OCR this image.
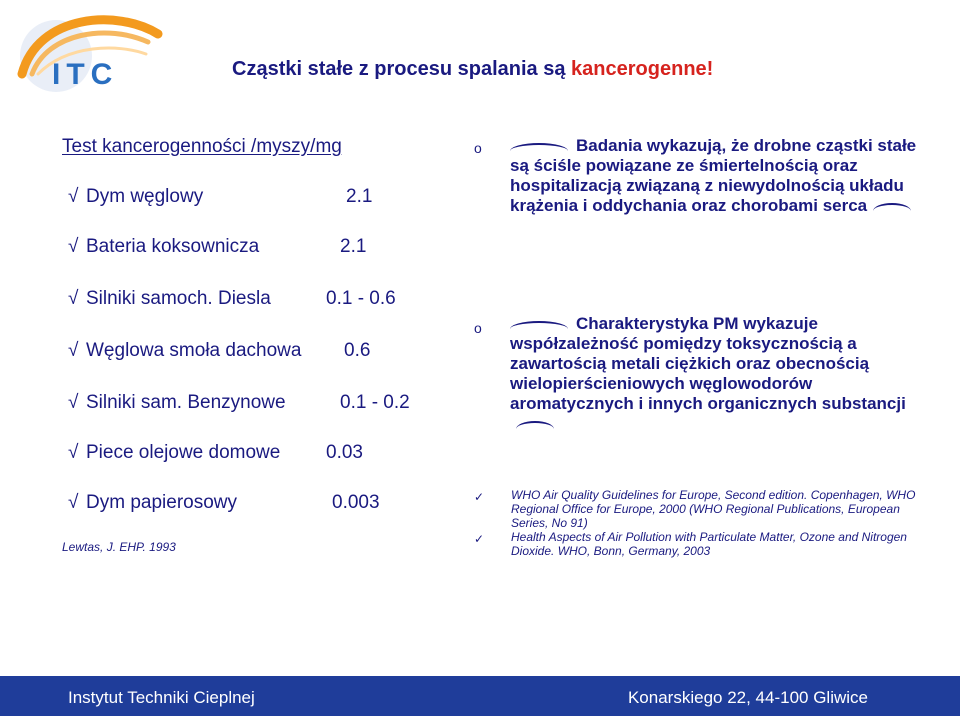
ITC	Cząstki stałe z procesu spalania są kancerogenne!
Test kancerogenności /myszy/mg
√ Dym węglowy	2.1
√ Bateria koksownicza	2.1
√ Silniki samoch. Diesla	0.1 - 0.6
√ Węglowa smoła dachowa 0.6
√ Silniki sam. Benzynowe	0.1 - 0.2
√ Piece olejowe domowe 0.03
√ Dym papierosowy	0.003
Lewtas, J. EHP. 1993
o	Badania wykazują, że drobne cząstki stałe są ściśle powiązane ze śmiertelnością oraz hospitalizacją związaną z niewydolnością układu krążenia i oddychania oraz chorobami serca
o	Charakterystyka PM wykazuje współzależność pomiędzy toksycznością a zawartością metali ciężkich oraz obecnością wielopierścieniowych węglowodorów aromatycznych i innych organicznych substancji
✓ WHO Air Quality Guidelines for Europe, Second edition. Copenhagen, WHO Regional Office for Europe, 2000 (WHO Regional Publications, European Series, No 91)
✓ Health Aspects of Air Pollution with Particulate Matter, Ozone and Nitrogen Dioxide. WHO, Bonn, Germany, 2003
Instytut Techniki Cieplnej	Konarskiego 22, 44-100 Gliwice
